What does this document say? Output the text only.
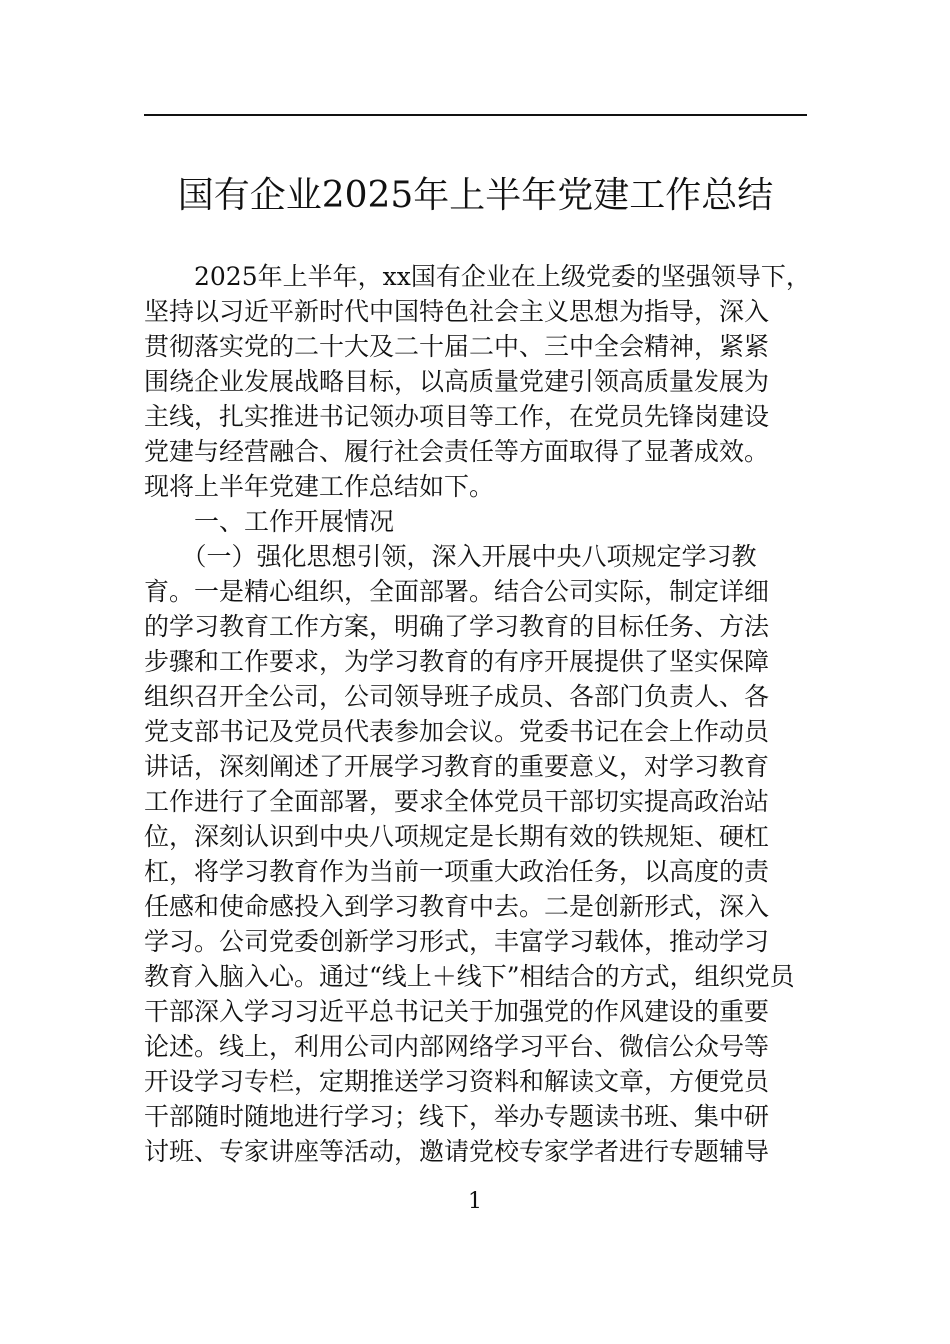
国有企业2025年上半年党建工作总结
　　2025年上半年，xx国有企业在上级党委的坚强领导下，
坚持以习近平新时代中国特色社会主义思想为指导，深入
贯彻落实党的二十大及二十届二中、三中全会精神，紧紧
围绕企业发展战略目标，以高质量党建引领高质量发展为
主线，扎实推进书记领办项目等工作，在党员先锋岗建设
党建与经营融合、履行社会责任等方面取得了显著成效。
现将上半年党建工作总结如下。
　　一、工作开展情况
　　（一）强化思想引领，深入开展中央八项规定学习教
育。一是精心组织，全面部署。结合公司实际，制定详细
的学习教育工作方案，明确了学习教育的目标任务、方法
步骤和工作要求，为学习教育的有序开展提供了坚实保障
组织召开全公司，公司领导班子成员、各部门负责人、各
党支部书记及党员代表参加会议。党委书记在会上作动员
讲话，深刻阐述了开展学习教育的重要意义，对学习教育
工作进行了全面部署，要求全体党员干部切实提高政治站
位，深刻认识到中央八项规定是长期有效的铁规矩、硬杠
杠，将学习教育作为当前一项重大政治任务，以高度的责
任感和使命感投入到学习教育中去。二是创新形式，深入
学习。公司党委创新学习形式，丰富学习载体，推动学习
教育入脑入心。通过“线上＋线下”相结合的方式，组织党员
干部深入学习习近平总书记关于加强党的作风建设的重要
论述。线上，利用公司内部网络学习平台、微信公众号等
开设学习专栏，定期推送学习资料和解读文章，方便党员
干部随时随地进行学习；线下，举办专题读书班、集中研
讨班、专家讲座等活动，邀请党校专家学者进行专题辅导
1
